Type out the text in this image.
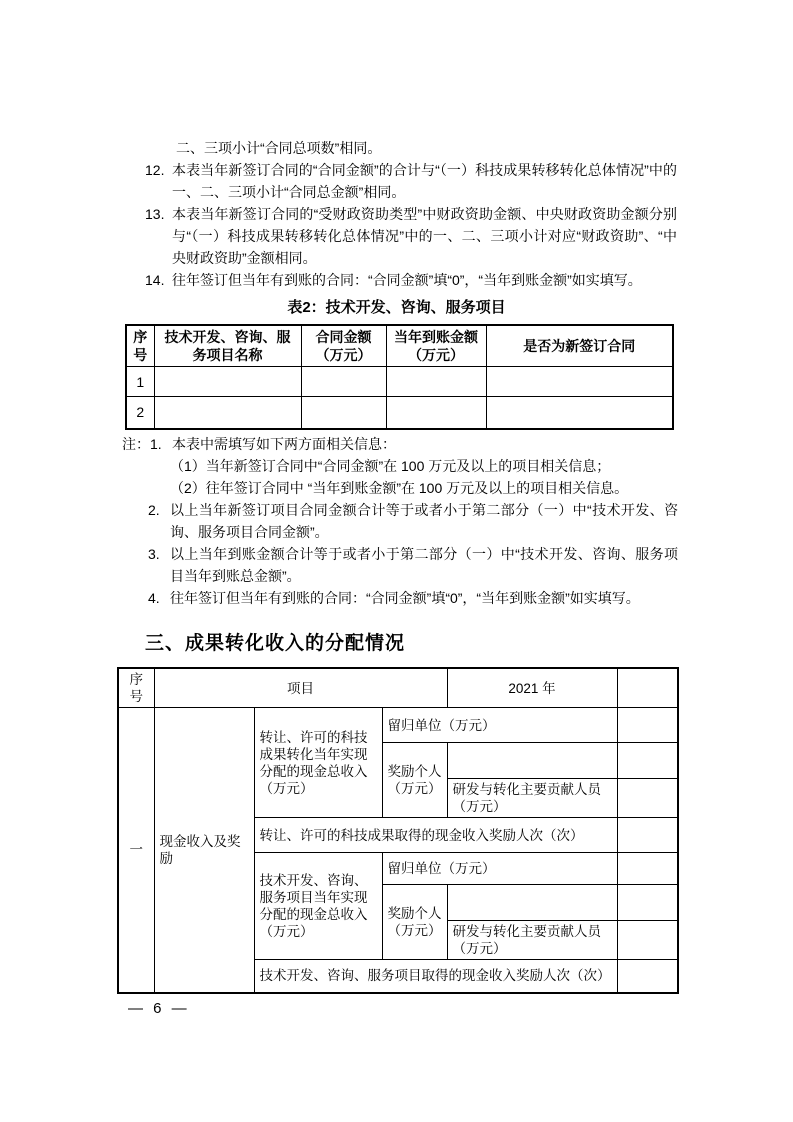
二、三项小计“合同总项数”相同。
12. 本表当年新签订合同的“合同金额”的合计与“（一）科技成果转移转化总体情况”中的一、二、三项小计“合同总金额”相同。
13. 本表当年新签订合同的“受财政资助类型”中财政资助金额、中央财政资助金额分别与“（一）科技成果转移转化总体情况”中的一、二、三项小计对应“财政资助”、“中央财政资助”金额相同。
14. 往年签订但当年有到账的合同：“合同金额”填“0”，“当年到账金额”如实填写。
表2：技术开发、咨询、服务项目
序号	技术开发、咨询、服务项目名称	合同金额（万元）	当年到账金额（万元）	是否为新签订合同
1				
2				
注： 1. 本表中需填写如下两方面相关信息：
（1）当年新签订合同中“合同金额”在 100 万元及以上的项目相关信息；
（2）往年签订合同中 “当年到账金额”在 100 万元及以上的项目相关信息。
2. 以上当年新签订项目合同金额合计等于或者小于第二部分（一）中“技术开发、咨询、服务项目合同金额”。
3. 以上当年到账金额合计等于或者小于第二部分（一）中“技术开发、咨询、服务项目当年到账总金额”。
4. 往年签订但当年有到账的合同：“合同金额”填“0”，“当年到账金额”如实填写。
三、成果转化收入的分配情况
序号	项目			2021 年	
一	现金收入及奖励	转让、许可的科技成果转化当年实现分配的现金总收入（万元）	留归单位（万元）		
			奖励个人（万元）		
				研发与转化主要贡献人员（万元）	
		转让、许可的科技成果取得的现金收入奖励人次（次）			
		技术开发、咨询、服务项目当年实现分配的现金总收入（万元）	留归单位（万元）		
			奖励个人（万元）		
				研发与转化主要贡献人员（万元）	
		技术开发、咨询、服务项目取得的现金收入奖励人次（次）			
— 6 —
